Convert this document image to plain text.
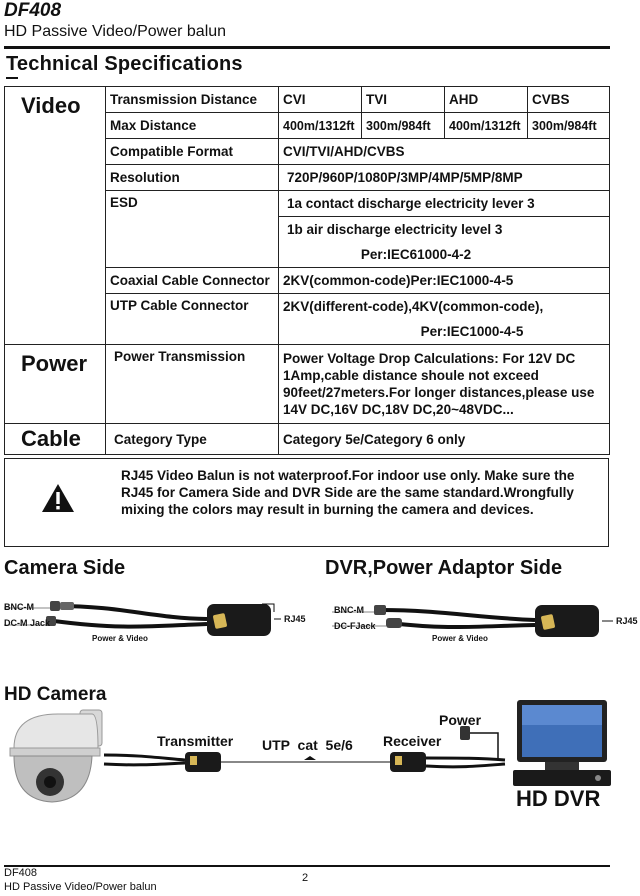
DF408
HD Passive Video/Power balun
Technical Specifications
Video	Transmission Distance	CVI	TVI	AHD	CVBS
	Max Distance	400m/1312ft	300m/984ft	400m/1312ft	300m/984ft
	Compatible Format	CVI/TVI/AHD/CVBS			
	Resolution	720P/960P/1080P/3MP/4MP/5MP/8MP			
	ESD	1a contact discharge electricity lever 3			
		1b air discharge electricity level 3			
		Per:IEC61000-4-2			
	Coaxial Cable Connector	2KV(common-code)Per:IEC1000-4-5			
	UTP Cable Connector	2KV(different-code),4KV(common-code),			
		Per:IEC1000-4-5			
Power	Power Transmission	Power Voltage Drop Calculations: For 12V DC 1Amp,cable distance shoule not exceed 90feet/27meters.For longer distances,please use 14V DC,16V DC,18V DC,20~48VDC...			
Cable	Category Type	Category 5e/Category 6 only			
RJ45 Video Balun is not waterproof.For indoor use only. Make sure the RJ45 for Camera Side and DVR Side are the same standard.Wrongfully mixing the colors may result in burning the camera and devices.
Camera Side
BNC-M
DC-M Jack	RJ45
Power & Video
DVR,Power Adaptor Side
BNC-M
DC-FJack	RJ45
Power & Video
HD Camera
Transmitter UTP  cat  5e/6 Receiver
Power
HD DVR
DF408
HD Passive Video/Power balun
2
